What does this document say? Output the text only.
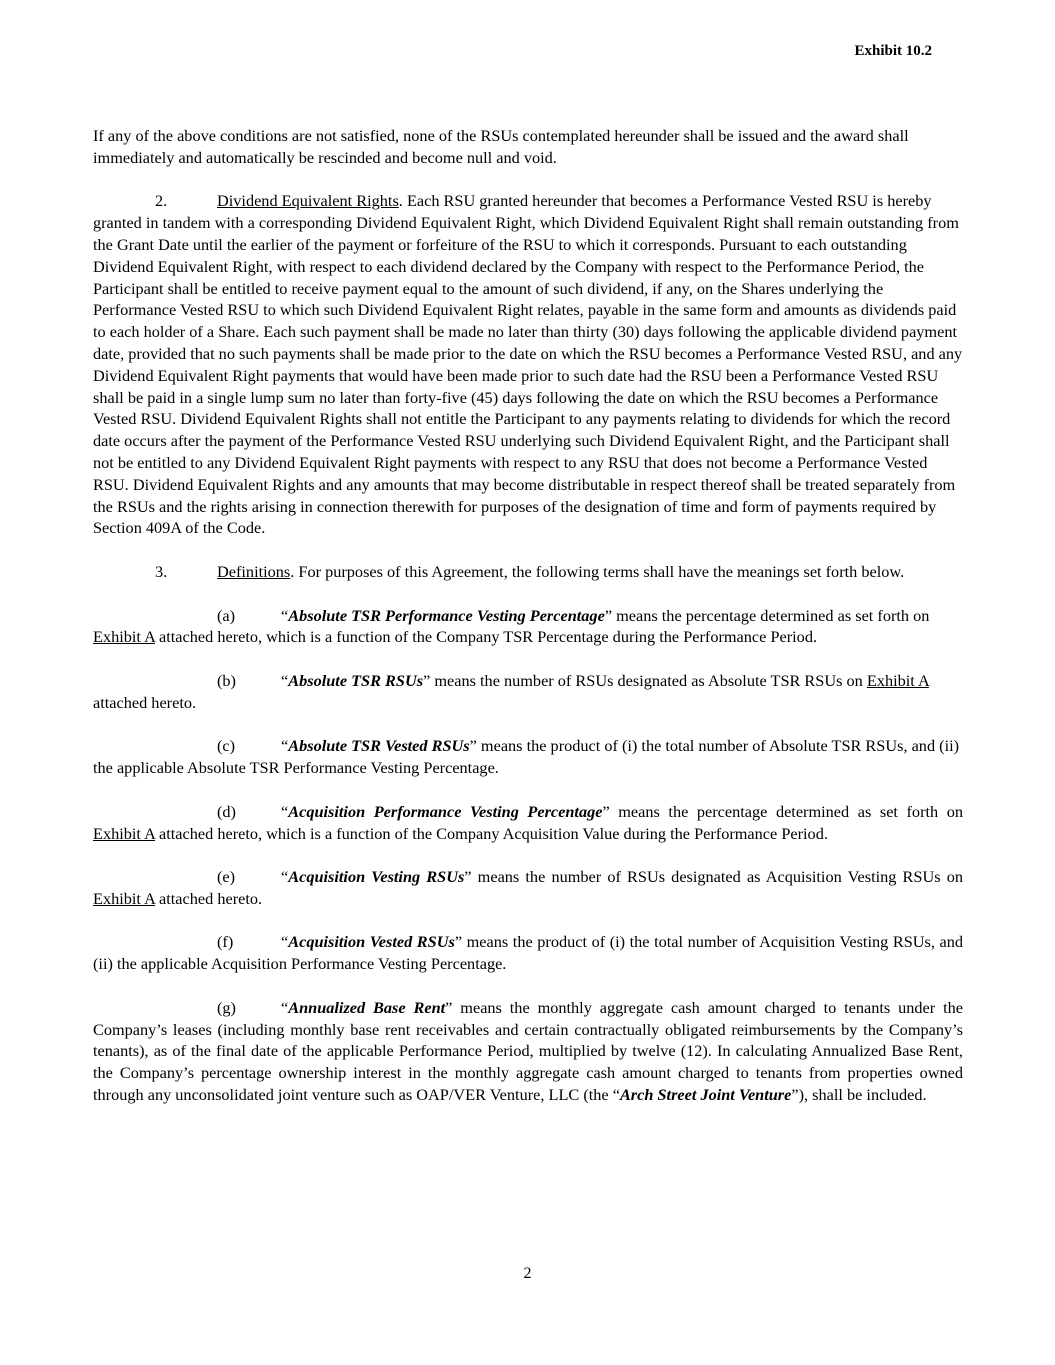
Exhibit 10.2

If any of the above conditions are not satisfied, none of the RSUs contemplated hereunder shall be issued and the award shall immediately and automatically be rescinded and become null and void.

2.	Dividend Equivalent Rights. Each RSU granted hereunder that becomes a Performance Vested RSU is hereby granted in tandem with a corresponding Dividend Equivalent Right, which Dividend Equivalent Right shall remain outstanding from the Grant Date until the earlier of the payment or forfeiture of the RSU to which it corresponds. Pursuant to each outstanding Dividend Equivalent Right, with respect to each dividend declared by the Company with respect to the Performance Period, the Participant shall be entitled to receive payment equal to the amount of such dividend, if any, on the Shares underlying the Performance Vested RSU to which such Dividend Equivalent Right relates, payable in the same form and amounts as dividends paid to each holder of a Share. Each such payment shall be made no later than thirty (30) days following the applicable dividend payment date, provided that no such payments shall be made prior to the date on which the RSU becomes a Performance Vested RSU, and any Dividend Equivalent Right payments that would have been made prior to such date had the RSU been a Performance Vested RSU shall be paid in a single lump sum no later than forty-five (45) days following the date on which the RSU becomes a Performance Vested RSU. Dividend Equivalent Rights shall not entitle the Participant to any payments relating to dividends for which the record date occurs after the payment of the Performance Vested RSU underlying such Dividend Equivalent Right, and the Participant shall not be entitled to any Dividend Equivalent Right payments with respect to any RSU that does not become a Performance Vested RSU. Dividend Equivalent Rights and any amounts that may become distributable in respect thereof shall be treated separately from the RSUs and the rights arising in connection therewith for purposes of the designation of time and form of payments required by Section 409A of the Code.

3.	Definitions. For purposes of this Agreement, the following terms shall have the meanings set forth below.

(a)	“Absolute TSR Performance Vesting Percentage” means the percentage determined as set forth on Exhibit A attached hereto, which is a function of the Company TSR Percentage during the Performance Period.

(b)	“Absolute TSR RSUs” means the number of RSUs designated as Absolute TSR RSUs on Exhibit A attached hereto.

(c)	“Absolute TSR Vested RSUs” means the product of (i) the total number of Absolute TSR RSUs, and (ii) the applicable Absolute TSR Performance Vesting Percentage.

(d)	“Acquisition Performance Vesting Percentage” means the percentage determined as set forth on Exhibit A attached hereto, which is a function of the Company Acquisition Value during the Performance Period.

(e)	“Acquisition Vesting RSUs” means the number of RSUs designated as Acquisition Vesting RSUs on Exhibit A attached hereto.

(f)	“Acquisition Vested RSUs” means the product of (i) the total number of Acquisition Vesting RSUs, and (ii) the applicable Acquisition Performance Vesting Percentage.

(g)	“Annualized Base Rent” means the monthly aggregate cash amount charged to tenants under the Company’s leases (including monthly base rent receivables and certain contractually obligated reimbursements by the Company’s tenants), as of the final date of the applicable Performance Period, multiplied by twelve (12). In calculating Annualized Base Rent, the Company’s percentage ownership interest in the monthly aggregate cash amount charged to tenants from properties owned through any unconsolidated joint venture such as OAP/VER Venture, LLC (the “Arch Street Joint Venture”), shall be included.

2
